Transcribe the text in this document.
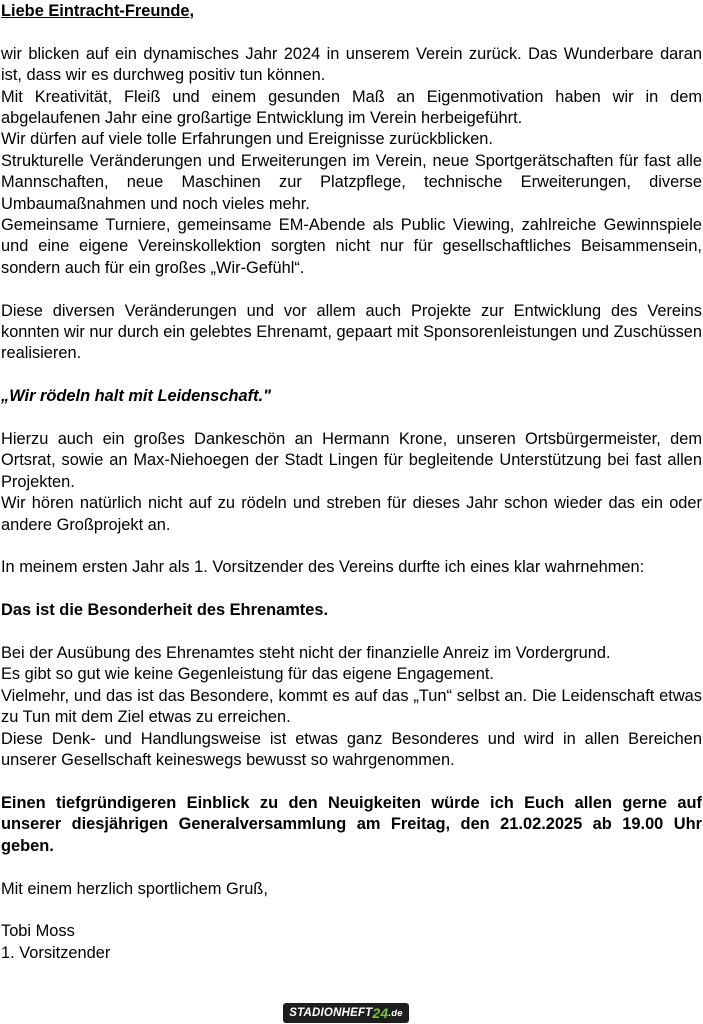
Liebe Eintracht-Freunde,

wir blicken auf ein dynamisches Jahr 2024 in unserem Verein zurück. Das Wunderbare daran ist, dass wir es durchweg positiv tun können.

Mit Kreativität, Fleiß und einem gesunden Maß an Eigenmotivation haben wir in dem abgelaufenen Jahr eine großartige Entwicklung im Verein herbeigeführt.

Wir dürfen auf viele tolle Erfahrungen und Ereignisse zurückblicken.

Strukturelle Veränderungen und Erweiterungen im Verein, neue Sportgerätschaften für fast alle Mannschaften, neue Maschinen zur Platzpflege, technische Erweiterungen, diverse Umbaumaßnahmen und noch vieles mehr.

Gemeinsame Turniere, gemeinsame EM-Abende als Public Viewing, zahlreiche Gewinnspiele und eine eigene Vereinskollektion sorgten nicht nur für gesellschaftliches Beisammensein, sondern auch für ein großes „Wir-Gefühl“.

Diese diversen Veränderungen und vor allem auch Projekte zur Entwicklung des Vereins konnten wir nur durch ein gelebtes Ehrenamt, gepaart mit Sponsorenleistungen und Zuschüssen realisieren.

„Wir rödeln halt mit Leidenschaft."

Hierzu auch ein großes Dankeschön an Hermann Krone, unseren Ortsbürgermeister, dem Ortsrat, sowie an Max-Niehoegen der Stadt Lingen für begleitende Unterstützung bei fast allen Projekten.

Wir hören natürlich nicht auf zu rödeln und streben für dieses Jahr schon wieder das ein oder andere Großprojekt an.

In meinem ersten Jahr als 1. Vorsitzender des Vereins durfte ich eines klar wahrnehmen:

Das ist die Besonderheit des Ehrenamtes.

Bei der Ausübung des Ehrenamtes steht nicht der finanzielle Anreiz im Vordergrund.

Es gibt so gut wie keine Gegenleistung für das eigene Engagement.

Vielmehr, und das ist das Besondere, kommt es auf das „Tun“ selbst an. Die Leidenschaft etwas zu Tun mit dem Ziel etwas zu erreichen.

Diese Denk- und Handlungsweise ist etwas ganz Besonderes und wird in allen Bereichen unserer Gesellschaft keineswegs bewusst so wahrgenommen.

Einen tiefgründigeren Einblick zu den Neuigkeiten würde ich Euch allen gerne auf unserer diesjährigen Generalversammlung am Freitag, den 21.02.2025 ab 19.00 Uhr geben.

Mit einem herzlich sportlichem Gruß,

Tobi Moss

1. Vorsitzender

STADIONHEFT 24 .de
